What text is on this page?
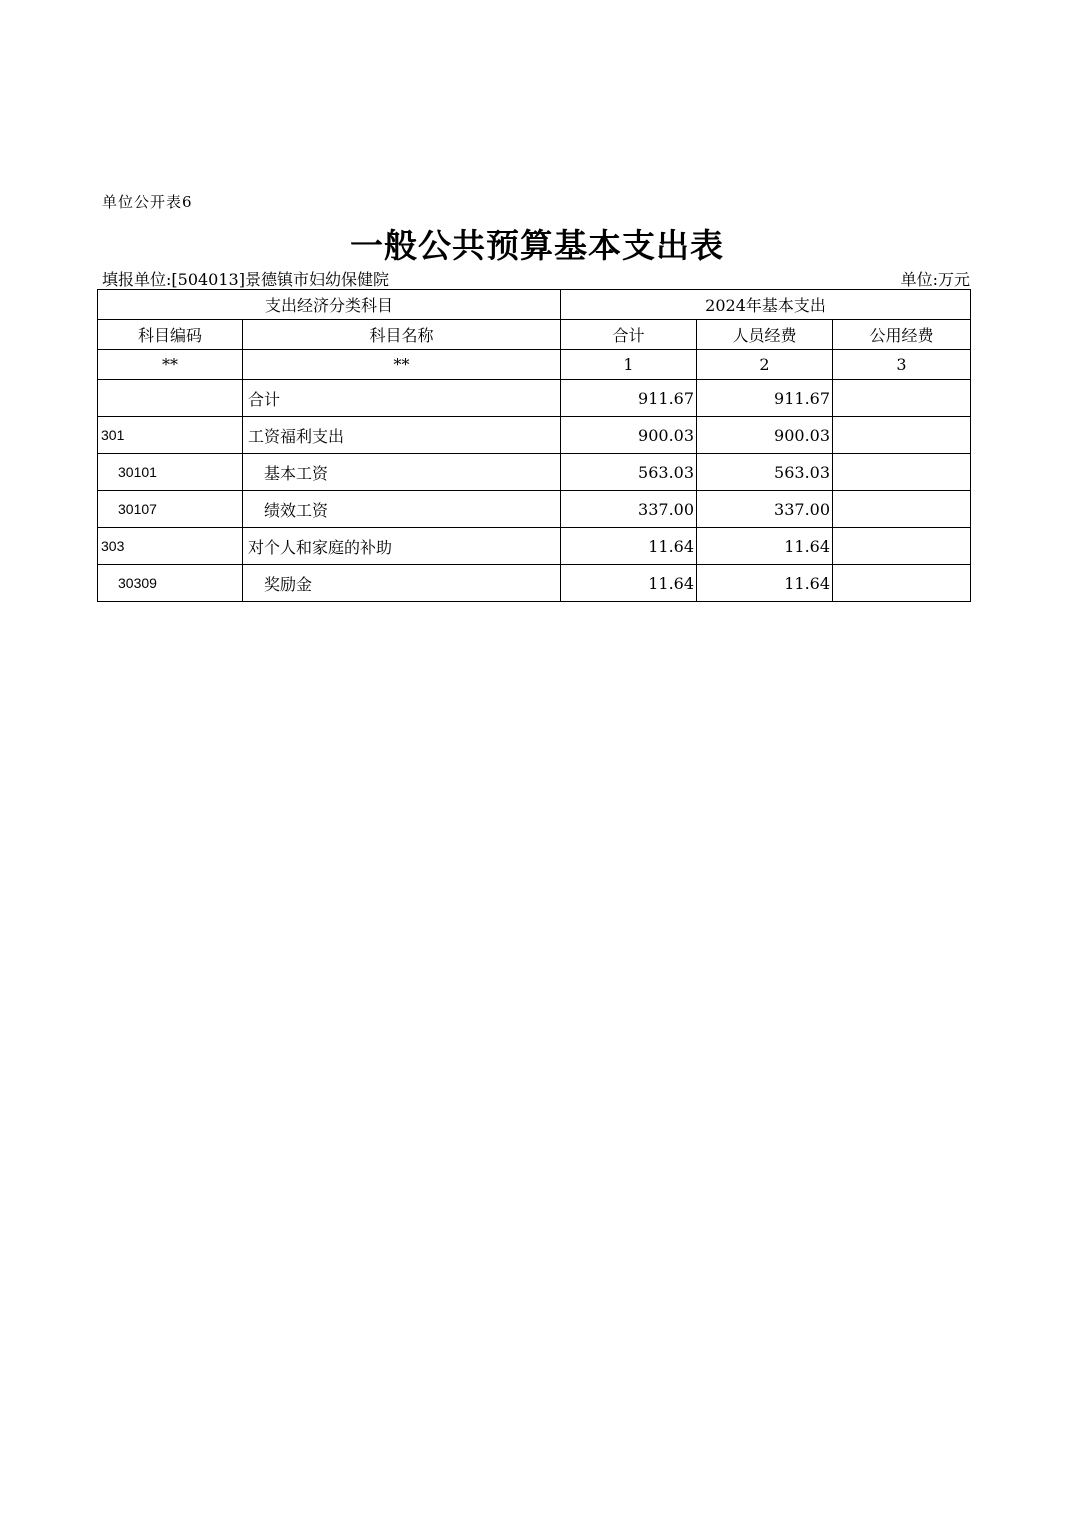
单位公开表6
一般公共预算基本支出表
填报单位:[504013]景德镇市妇幼保健院	单位:万元
支出经济分类科目		2024年基本支出		
科目编码	科目名称	合计	人员经费	公用经费
**	**	1	2	3
	合计	911.67	911.67	
301	工资福利支出	900.03	900.03	
30101	基本工资	563.03	563.03	
30107	绩效工资	337.00	337.00	
303	对个人和家庭的补助	11.64	11.64	
30309	奖励金	11.64	11.64	
